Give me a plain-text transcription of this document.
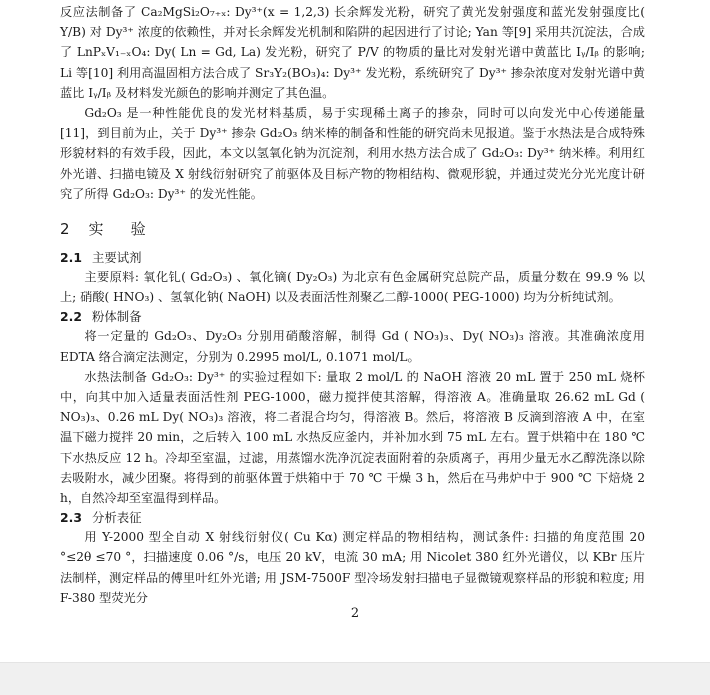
反应法制备了 Ca₂MgSi₂O₇₊ₓ: Dy³⁺(x = 1,2,3) 长余辉发光粉，研究了黄光发射强度和蓝光发射强度比( Y/B) 对 Dy³⁺ 浓度的依赖性，并对长余辉发光机制和陷阱的起因进行了讨论; Yan 等[9] 采用共沉淀法，合成了 LnPₓV₁₋ₓO₄: Dy( Ln = Gd, La) 发光粉，研究了 P/V 的物质的量比对发射光谱中黄蓝比 Iᵧ/Iᵦ 的影响; Li 等[10] 利用高温固相方法合成了 Sr₃Y₂(BO₃)₄: Dy³⁺ 发光粉，系统研究了 Dy³⁺ 掺杂浓度对发射光谱中黄蓝比 Iᵧ/Iᵦ 及材料发光颜色的影响并测定了其色温。

Gd₂O₃ 是一种性能优良的发光材料基质，易于实现稀土离子的掺杂，同时可以向发光中心传递能量[11]，到目前为止，关于 Dy³⁺ 掺杂 Gd₂O₃ 纳米棒的制备和性能的研究尚未见报道。鉴于水热法是合成特殊形貌材料的有效手段，因此，本文以氢氧化钠为沉淀剂，利用水热方法合成了 Gd₂O₃: Dy³⁺ 纳米棒。利用红外光谱、扫描电镜及 X 射线衍射研究了前驱体及目标产物的物相结构、微观形貌，并通过荧光分光光度计研究了所得 Gd₂O₃: Dy³⁺ 的发光性能。

2 实 验
2.1 主要试剂

主要原料: 氧化钆( Gd₂O₃) 、氧化镝( Dy₂O₃) 为北京有色金属研究总院产品，质量分数在 99.9 % 以上; 硝酸( HNO₃) 、氢氧化钠( NaOH) 以及表面活性剂聚乙二醇-1000( PEG-1000) 均为分析纯试剂。

2.2 粉体制备

将一定量的 Gd₂O₃、Dy₂O₃ 分别用硝酸溶解，制得 Gd ( NO₃)₃、Dy( NO₃)₃ 溶液。其准确浓度用 EDTA 络合滴定法测定，分别为 0.2995 mol/L, 0.1071 mol/L。

水热法制备 Gd₂O₃: Dy³⁺ 的实验过程如下: 量取 2 mol/L 的 NaOH 溶液 20 mL 置于 250 mL 烧杯中，向其中加入适量表面活性剂 PEG-1000，磁力搅拌使其溶解，得溶液 A。准确量取 26.62 mL Gd ( NO₃)₃、0.26 mL Dy( NO₃)₃ 溶液，将二者混合均匀，得溶液 B。然后，将溶液 B 反滴到溶液 A 中，在室温下磁力搅拌 20 min，之后转入 100 mL 水热反应釜内，并补加水到 75 mL 左右。置于烘箱中在 180 ℃ 下水热反应 12 h。冷却至室温，过滤，用蒸馏水洗净沉淀表面附着的杂质离子，再用少量无水乙醇洗涤以除去吸附水，减少团聚。将得到的前驱体置于烘箱中于 70 ℃ 干燥 3 h，然后在马弗炉中于 900 ℃ 下焙烧 2 h，自然冷却至室温得到样品。

2.3 分析表征

用 Y-2000 型全自动 X 射线衍射仪( Cu Kα) 测定样品的物相结构，测试条件: 扫描的角度范围 20 °≤2θ ≤70 °，扫描速度 0.06 °/s，电压 20 kV，电流 30 mA; 用 Nicolet 380 红外光谱仪，以 KBr 压片法制样，测定样品的傅里叶红外光谱; 用 JSM-7500F 型冷场发射扫描电子显微镜观察样品的形貌和粒度; 用 F-380 型荧光分

2
